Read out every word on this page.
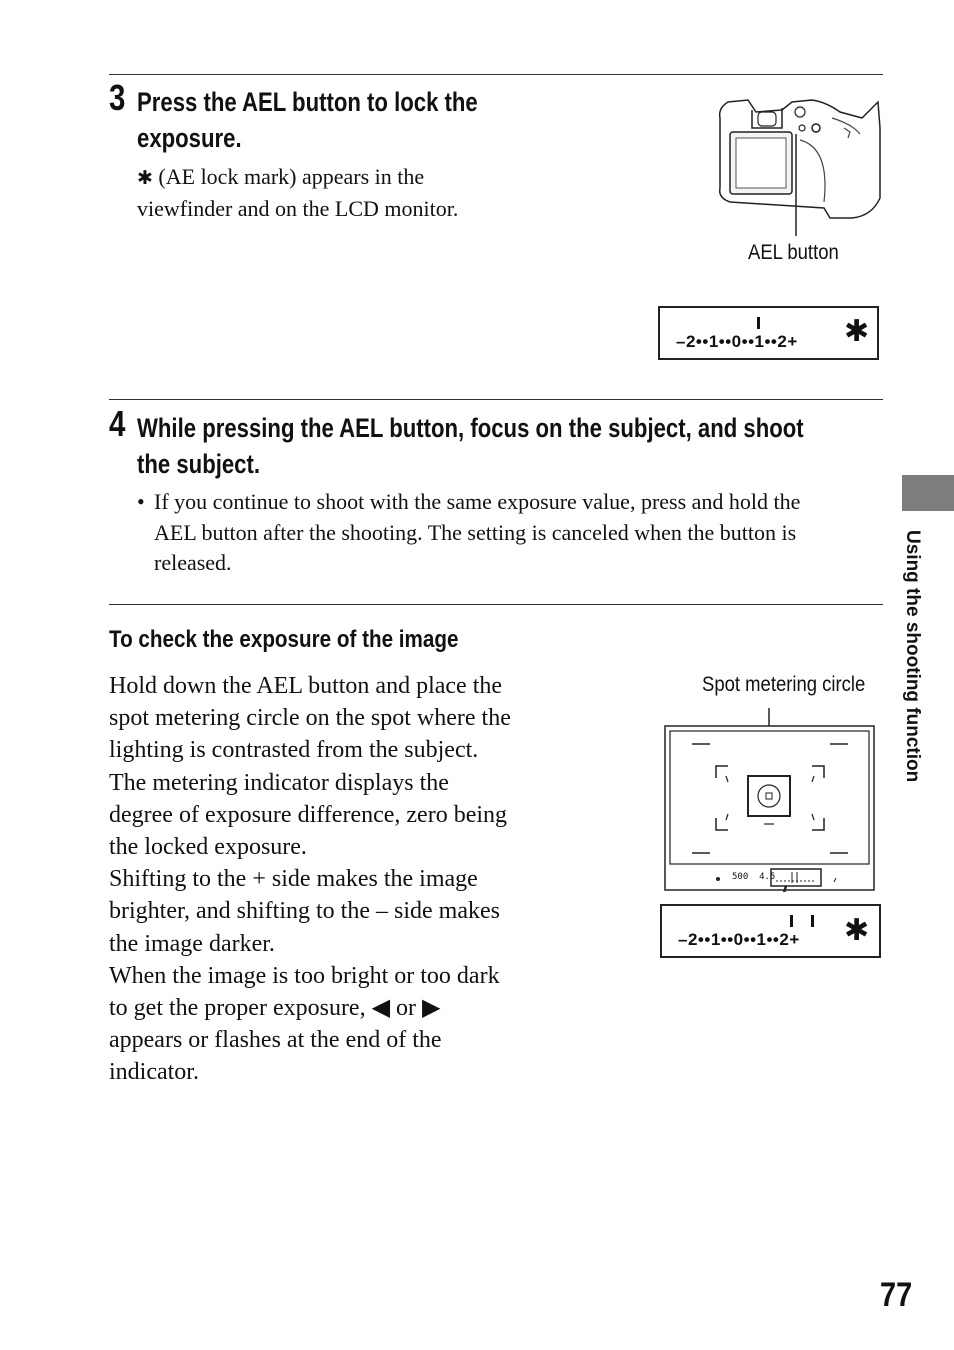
3 Press the AEL button to lock the
exposure.
✱ (AE lock mark) appears in the
viewfinder and on the LCD monitor.
AEL button
–2••1••0••1••2+ ✱
4 While pressing the AEL button, focus on the subject, and shoot
the subject.
• If you continue to shoot with the same exposure value, press and hold the
AEL button after the shooting. The setting is canceled when the button is
released.
To check the exposure of the image
Hold down the AEL button and place the
spot metering circle on the spot where the
lighting is contrasted from the subject.
The metering indicator displays the
degree of exposure difference, zero being
the locked exposure.
Shifting to the + side makes the image
brighter, and shifting to the – side makes
the image darker.
When the image is too bright or too dark
to get the proper exposure, ◀ or ▶
appears or flashes at the end of the
indicator.
Spot metering circle
500  4.5
–2••1••0••1••2+ ✱
Using the shooting function
77
